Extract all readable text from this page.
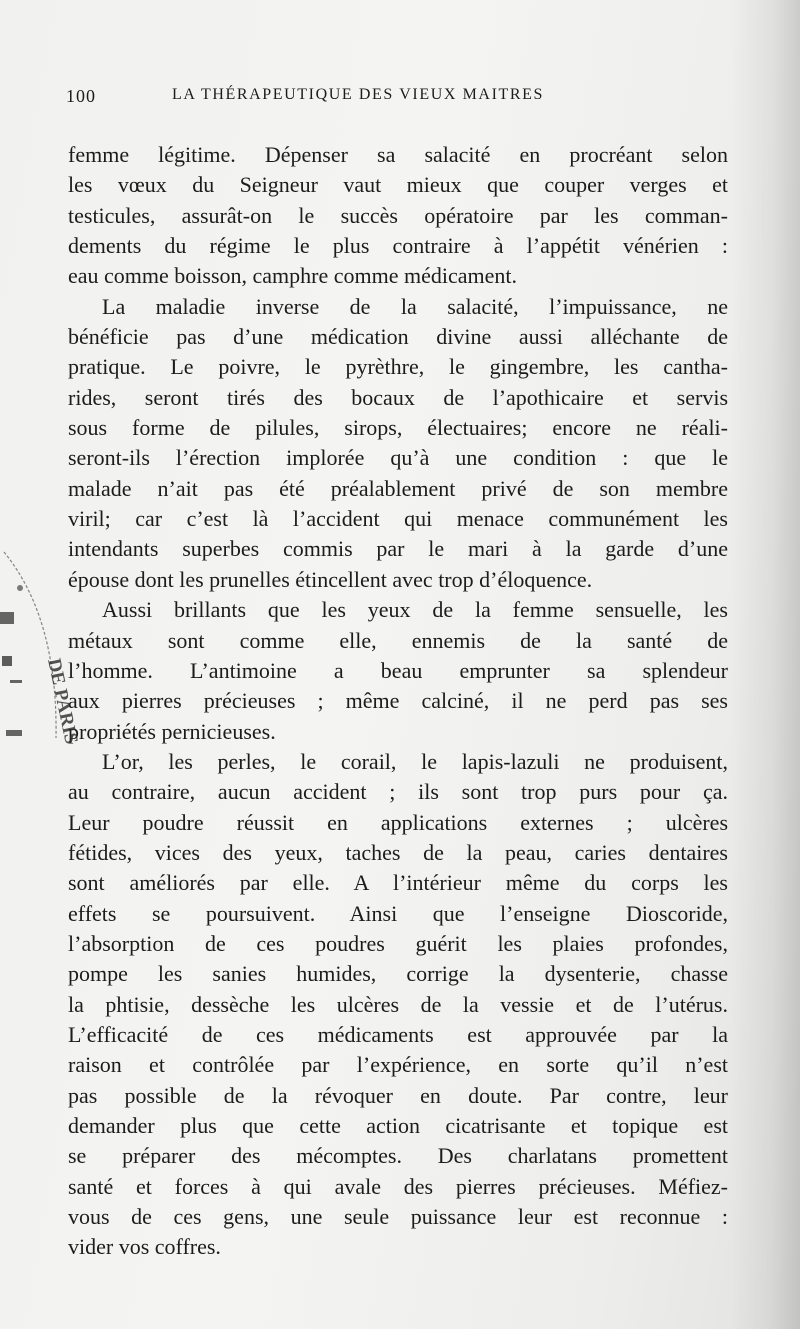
100	LA THÉRAPEUTIQUE DES VIEUX MAITRES
femme légitime. Dépenser sa salacité en procréant selon
les vœux du Seigneur vaut mieux que couper verges et
testicules, assurât-on le succès opératoire par les comman-
dements du régime le plus contraire à l’appétit vénérien :
eau comme boisson, camphre comme médicament.
La maladie inverse de la salacité, l’impuissance, ne
bénéficie pas d’une médication divine aussi alléchante de
pratique. Le poivre, le pyrèthre, le gingembre, les cantha-
rides, seront tirés des bocaux de l’apothicaire et servis
sous forme de pilules, sirops, électuaires; encore ne réali-
seront-ils l’érection implorée qu’à une condition : que le
malade n’ait pas été préalablement privé de son membre
viril; car c’est là l’accident qui menace communément les
intendants superbes commis par le mari à la garde d’une
épouse dont les prunelles étincellent avec trop d’éloquence.
Aussi brillants que les yeux de la femme sensuelle, les
métaux sont comme elle, ennemis de la santé de
l’homme. L’antimoine a beau emprunter sa splendeur
aux pierres précieuses ; même calciné, il ne perd pas ses
propriétés pernicieuses.
L’or, les perles, le corail, le lapis-lazuli ne produisent,
au contraire, aucun accident ; ils sont trop purs pour ça.
Leur poudre réussit en applications externes ; ulcères
fétides, vices des yeux, taches de la peau, caries dentaires
sont améliorés par elle. A l’intérieur même du corps les
effets se poursuivent. Ainsi que l’enseigne Dioscoride,
l’absorption de ces poudres guérit les plaies profondes,
pompe les sanies humides, corrige la dysenterie, chasse
la phtisie, dessèche les ulcères de la vessie et de l’utérus.
L’efficacité de ces médicaments est approuvée par la
raison et contrôlée par l’expérience, en sorte qu’il n’est
pas possible de la révoquer en doute. Par contre, leur
demander plus que cette action cicatrisante et topique est
se préparer des mécomptes. Des charlatans promettent
santé et forces à qui avale des pierres précieuses. Méfiez-
vous de ces gens, une seule puissance leur est reconnue :
vider vos coffres.
DE PARIS
